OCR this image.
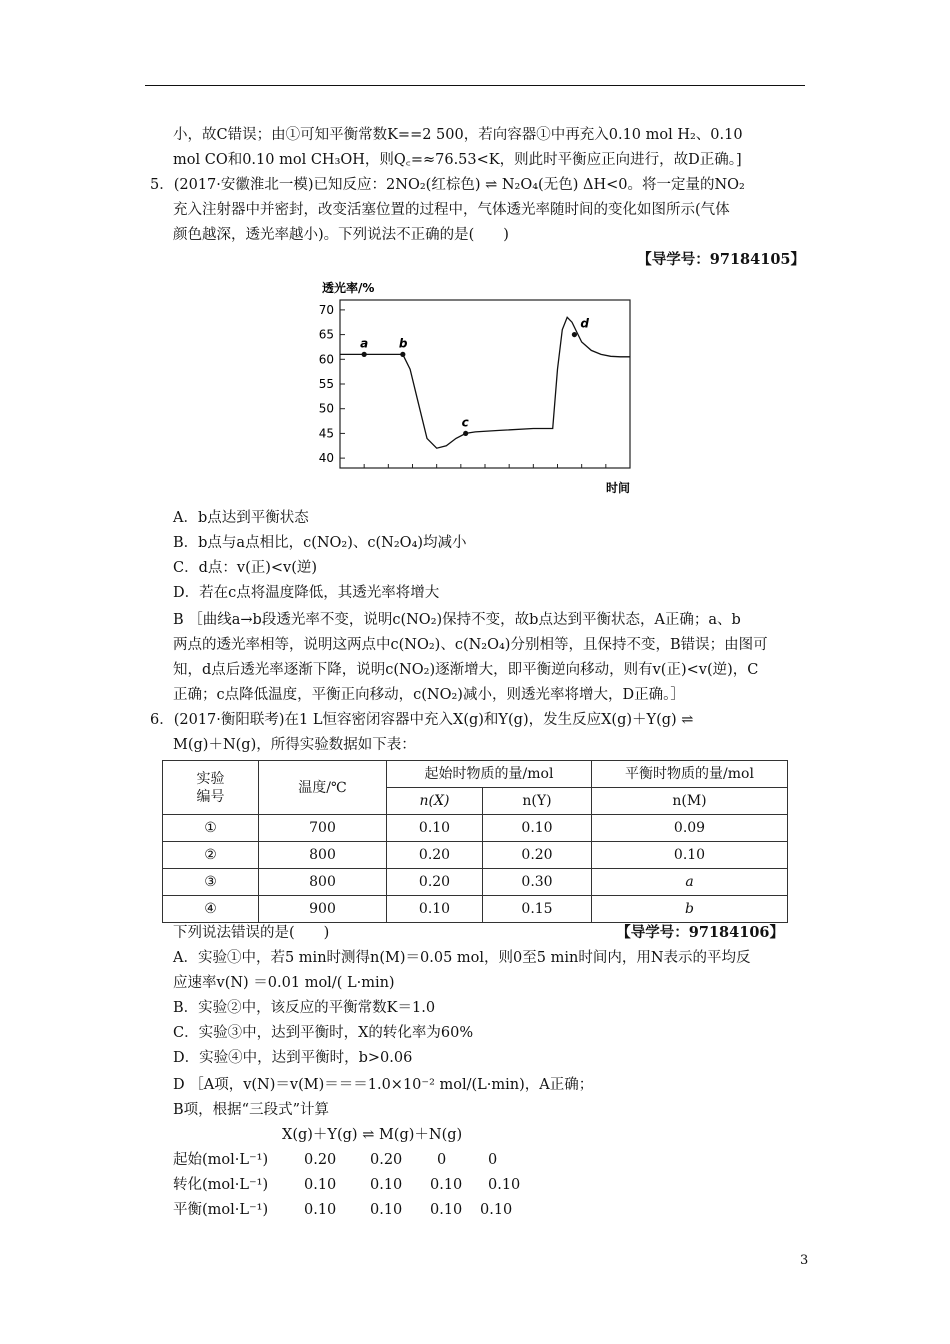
小，故C错误；由①可知平衡常数K==2 500，若向容器①中再充入0.10 mol H₂、0.10
mol CO和0.10 mol CH₃OH，则Q꜀=≈76.53<K，则此时平衡应正向进行，故D正确。]
5．(2017·安徽淮北一模)已知反应：2NO₂(红棕色) ⇌ N₂O₄(无色) ΔH<0。将一定量的NO₂
充入注射器中并密封，改变活塞位置的过程中，气体透光率随时间的变化如图所示(气体
颜色越深，透光率越小)。下列说法不正确的是(　　)
【导学号：97184105】
透光率/%
40
45
50
55
60
65
70
a	b
c
d
时间
A．b点达到平衡状态
B．b点与a点相比，c(NO₂)、c(N₂O₄)均减小
C．d点：v(正)<v(逆)
D．若在c点将温度降低，其透光率将增大
B ［曲线a→b段透光率不变，说明c(NO₂)保持不变，故b点达到平衡状态，A正确；a、b
两点的透光率相等，说明这两点中c(NO₂)、c(N₂O₄)分别相等，且保持不变，B错误；由图可
知，d点后透光率逐渐下降，说明c(NO₂)逐渐增大，即平衡逆向移动，则有v(正)<v(逆)，C
正确；c点降低温度，平衡正向移动，c(NO₂)减小，则透光率将增大，D正确。］
6．(2017·衡阳联考)在1 L恒容密闭容器中充入X(g)和Y(g)，发生反应X(g)＋Y(g) ⇌
M(g)＋N(g)，所得实验数据如下表：
实验
编号	温度/℃	起始时物质的量/mol		平衡时物质的量/mol
		n(X)	n(Y)	n(M)
①	700	0.10	0.10	0.09
②	800	0.20	0.20	0.10
③	800	0.20	0.30	a
④	900	0.10	0.15	b
下列说法错误的是(　　)	【导学号：97184106】
A．实验①中，若5 min时测得n(M)＝0.05 mol，则0至5 min时间内，用N表示的平均反
应速率v(N) ＝0.01 mol/( L·min)
B．实验②中，该反应的平衡常数K＝1.0
C．实验③中，达到平衡时，X的转化率为60%
D．实验④中，达到平衡时，b>0.06
D ［A项，v(N)＝v(M)＝＝＝1.0×10⁻² mol/(L·min)，A正确；
B项，根据“三段式”计算
X(g)＋Y(g) ⇌ M(g)＋N(g)
起始(mol·L⁻¹) 0.20 0.20 0	0
转化(mol·L⁻¹) 0.10 0.10 0.10 0.10
平衡(mol·L⁻¹) 0.10 0.10 0.10 0.10
3
